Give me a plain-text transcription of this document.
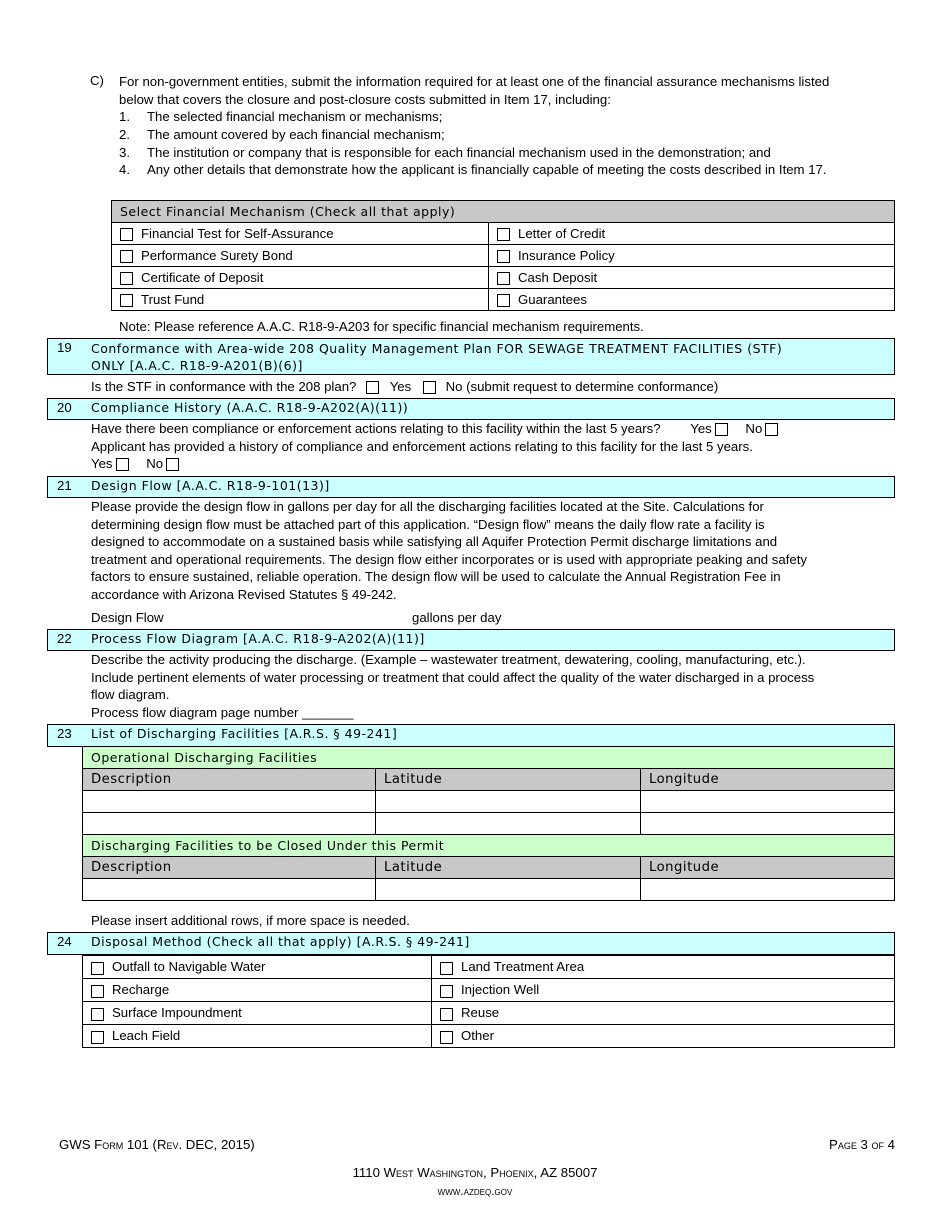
C) For non-government entities, submit the information required for at least one of the financial assurance mechanisms listed
below that covers the closure and post-closure costs submitted in Item 17, including:
1. The selected financial mechanism or mechanisms;
2. The amount covered by each financial mechanism;
3. The institution or company that is responsible for each financial mechanism used in the demonstration; and
4. Any other details that demonstrate how the applicant is financially capable of meeting the costs described in Item 17.
Select Financial Mechanism (Check all that apply)	
Financial Test for Self-Assurance	Letter of Credit
Performance Surety Bond	Insurance Policy
Certificate of Deposit	Cash Deposit
Trust Fund	Guarantees
Note: Please reference A.A.C. R18-9-A203 for specific financial mechanism requirements.
19 Conformance with Area-wide 208 Quality Management Plan FOR SEWAGE TREATMENT FACILITIES (STF)
ONLY [A.A.C. R18-9-A201(B)(6)]
Is the STF in conformance with the 208 plan?	Yes	No (submit request to determine conformance)
20 Compliance History (A.A.C. R18-9-A202(A)(11))
Have there been compliance or enforcement actions relating to this facility within the last 5 years? Yes	No
Applicant has provided a history of compliance and enforcement actions relating to this facility for the last 5 years.
Yes	No
21 Design Flow [A.A.C. R18-9-101(13)]
Please provide the design flow in gallons per day for all the discharging facilities located at the Site. Calculations for
determining design flow must be attached part of this application. “Design flow” means the daily flow rate a facility is
designed to accommodate on a sustained basis while satisfying all Aquifer Protection Permit discharge limitations and
treatment and operational requirements. The design flow either incorporates or is used with appropriate peaking and safety
factors to ensure sustained, reliable operation. The design flow will be used to calculate the Annual Registration Fee in
accordance with Arizona Revised Statutes § 49-242.
Design Flow	gallons per day
22 Process Flow Diagram [A.A.C. R18-9-A202(A)(11)]
Describe the activity producing the discharge. (Example – wastewater treatment, dewatering, cooling, manufacturing, etc.).
Include pertinent elements of water processing or treatment that could affect the quality of the water discharged in a process
flow diagram.
Process flow diagram page number _______
23 List of Discharging Facilities [A.R.S. § 49-241]
Operational Discharging Facilities		
Description	Latitude	Longitude

Discharging Facilities to be Closed Under this Permit		
Description	Latitude	Longitude

Please insert additional rows, if more space is needed.
24 Disposal Method (Check all that apply) [A.R.S. § 49-241]
Outfall to Navigable Water	Land Treatment Area
Recharge	Injection Well
Surface Impoundment	Reuse
Leach Field	Other
GWS Form 101 (Rev. DEC, 2015)	Page 3 of 4
1110 West Washington, Phoenix, AZ 85007
www.azdeq.gov
